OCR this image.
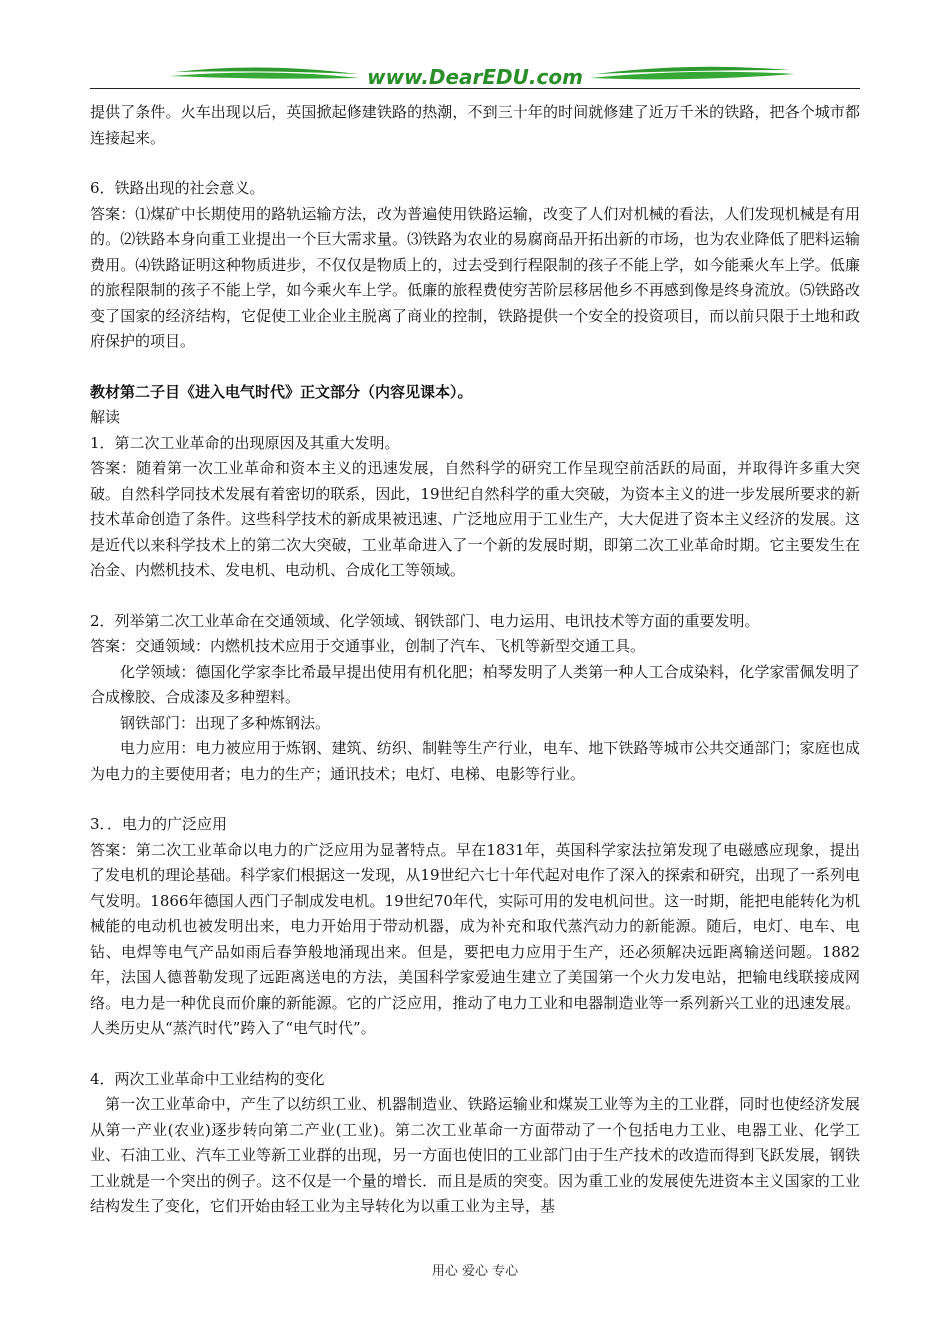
www.DearEDU.com

提供了条件。火车出现以后，英国掀起修建铁路的热潮，不到三十年的时间就修建了近万千米的铁路，把各个城市都连接起来。

6．铁路出现的社会意义。

答案：⑴煤矿中长期使用的路轨运输方法，改为普遍使用铁路运输，改变了人们对机械的看法，人们发现机械是有用的。⑵铁路本身向重工业提出一个巨大需求量。⑶铁路为农业的易腐商品开拓出新的市场，也为农业降低了肥料运输费用。⑷铁路证明这种物质进步，不仅仅是物质上的，过去受到行程限制的孩子不能上学，如今能乘火车上学。低廉的旅程限制的孩子不能上学，如今乘火车上学。低廉的旅程费使穷苦阶层移居他乡不再感到像是终身流放。⑸铁路改变了国家的经济结构，它促使工业企业主脱离了商业的控制，铁路提供一个安全的投资项目，而以前只限于土地和政府保护的项目。

教材第二子目《进入电气时代》正文部分（内容见课本）。

解读

1．第二次工业革命的出现原因及其重大发明。

答案：随着第一次工业革命和资本主义的迅速发展，自然科学的研究工作呈现空前活跃的局面，并取得许多重大突破。自然科学同技术发展有着密切的联系，因此，19世纪自然科学的重大突破，为资本主义的进一步发展所要求的新技术革命创造了条件。这些科学技术的新成果被迅速、广泛地应用于工业生产，大大促进了资本主义经济的发展。这是近代以来科学技术上的第二次大突破，工业革命进入了一个新的发展时期，即第二次工业革命时期。它主要发生在冶金、内燃机技术、发电机、电动机、合成化工等领域。

2．列举第二次工业革命在交通领域、化学领域、钢铁部门、电力运用、电讯技术等方面的重要发明。

答案：交通领域：内燃机技术应用于交通事业，创制了汽车、飞机等新型交通工具。

化学领域：德国化学家李比希最早提出使用有机化肥；柏琴发明了人类第一种人工合成染料，化学家雷佩发明了合成橡胶、合成漆及多种塑料。

钢铁部门：出现了多种炼钢法。

电力应用：电力被应用于炼钢、建筑、纺织、制鞋等生产行业，电车、地下铁路等城市公共交通部门；家庭也成为电力的主要使用者；电力的生产；通讯技术；电灯、电梯、电影等行业。

3．．电力的广泛应用

答案：第二次工业革命以电力的广泛应用为显著特点。早在1831年，英国科学家法拉第发现了电磁感应现象，提出了发电机的理论基础。科学家们根据这一发现，从19世纪六七十年代起对电作了深入的探索和研究，出现了一系列电气发明。1866年德国人西门子制成发电机。19世纪70年代，实际可用的发电机问世。这一时期，能把电能转化为机械能的电动机也被发明出来，电力开始用于带动机器，成为补充和取代蒸汽动力的新能源。随后，电灯、电车、电钻、电焊等电气产品如雨后春笋般地涌现出来。但是，要把电力应用于生产，还必须解决远距离输送问题。1882年，法国人德普勒发现了远距离送电的方法，美国科学家爱迪生建立了美国第一个火力发电站，把输电线联接成网络。电力是一种优良而价廉的新能源。它的广泛应用，推动了电力工业和电器制造业等一系列新兴工业的迅速发展。人类历史从“蒸汽时代”跨入了“电气时代”。

4．两次工业革命中工业结构的变化

第一次工业革命中，产生了以纺织工业、机器制造业、铁路运输业和煤炭工业等为主的工业群，同时也使经济发展从第一产业(农业)逐步转向第二产业(工业)。第二次工业革命一方面带动了一个包括电力工业、电器工业、化学工业、石油工业、汽车工业等新工业群的出现，另一方面也使旧的工业部门由于生产技术的改造而得到飞跃发展，钢铁工业就是一个突出的例子。这不仅是一个量的增长．而且是质的突变。因为重工业的发展使先进资本主义国家的工业结构发生了变化，它们开始由轻工业为主导转化为以重工业为主导，基

用心 爱心 专心
